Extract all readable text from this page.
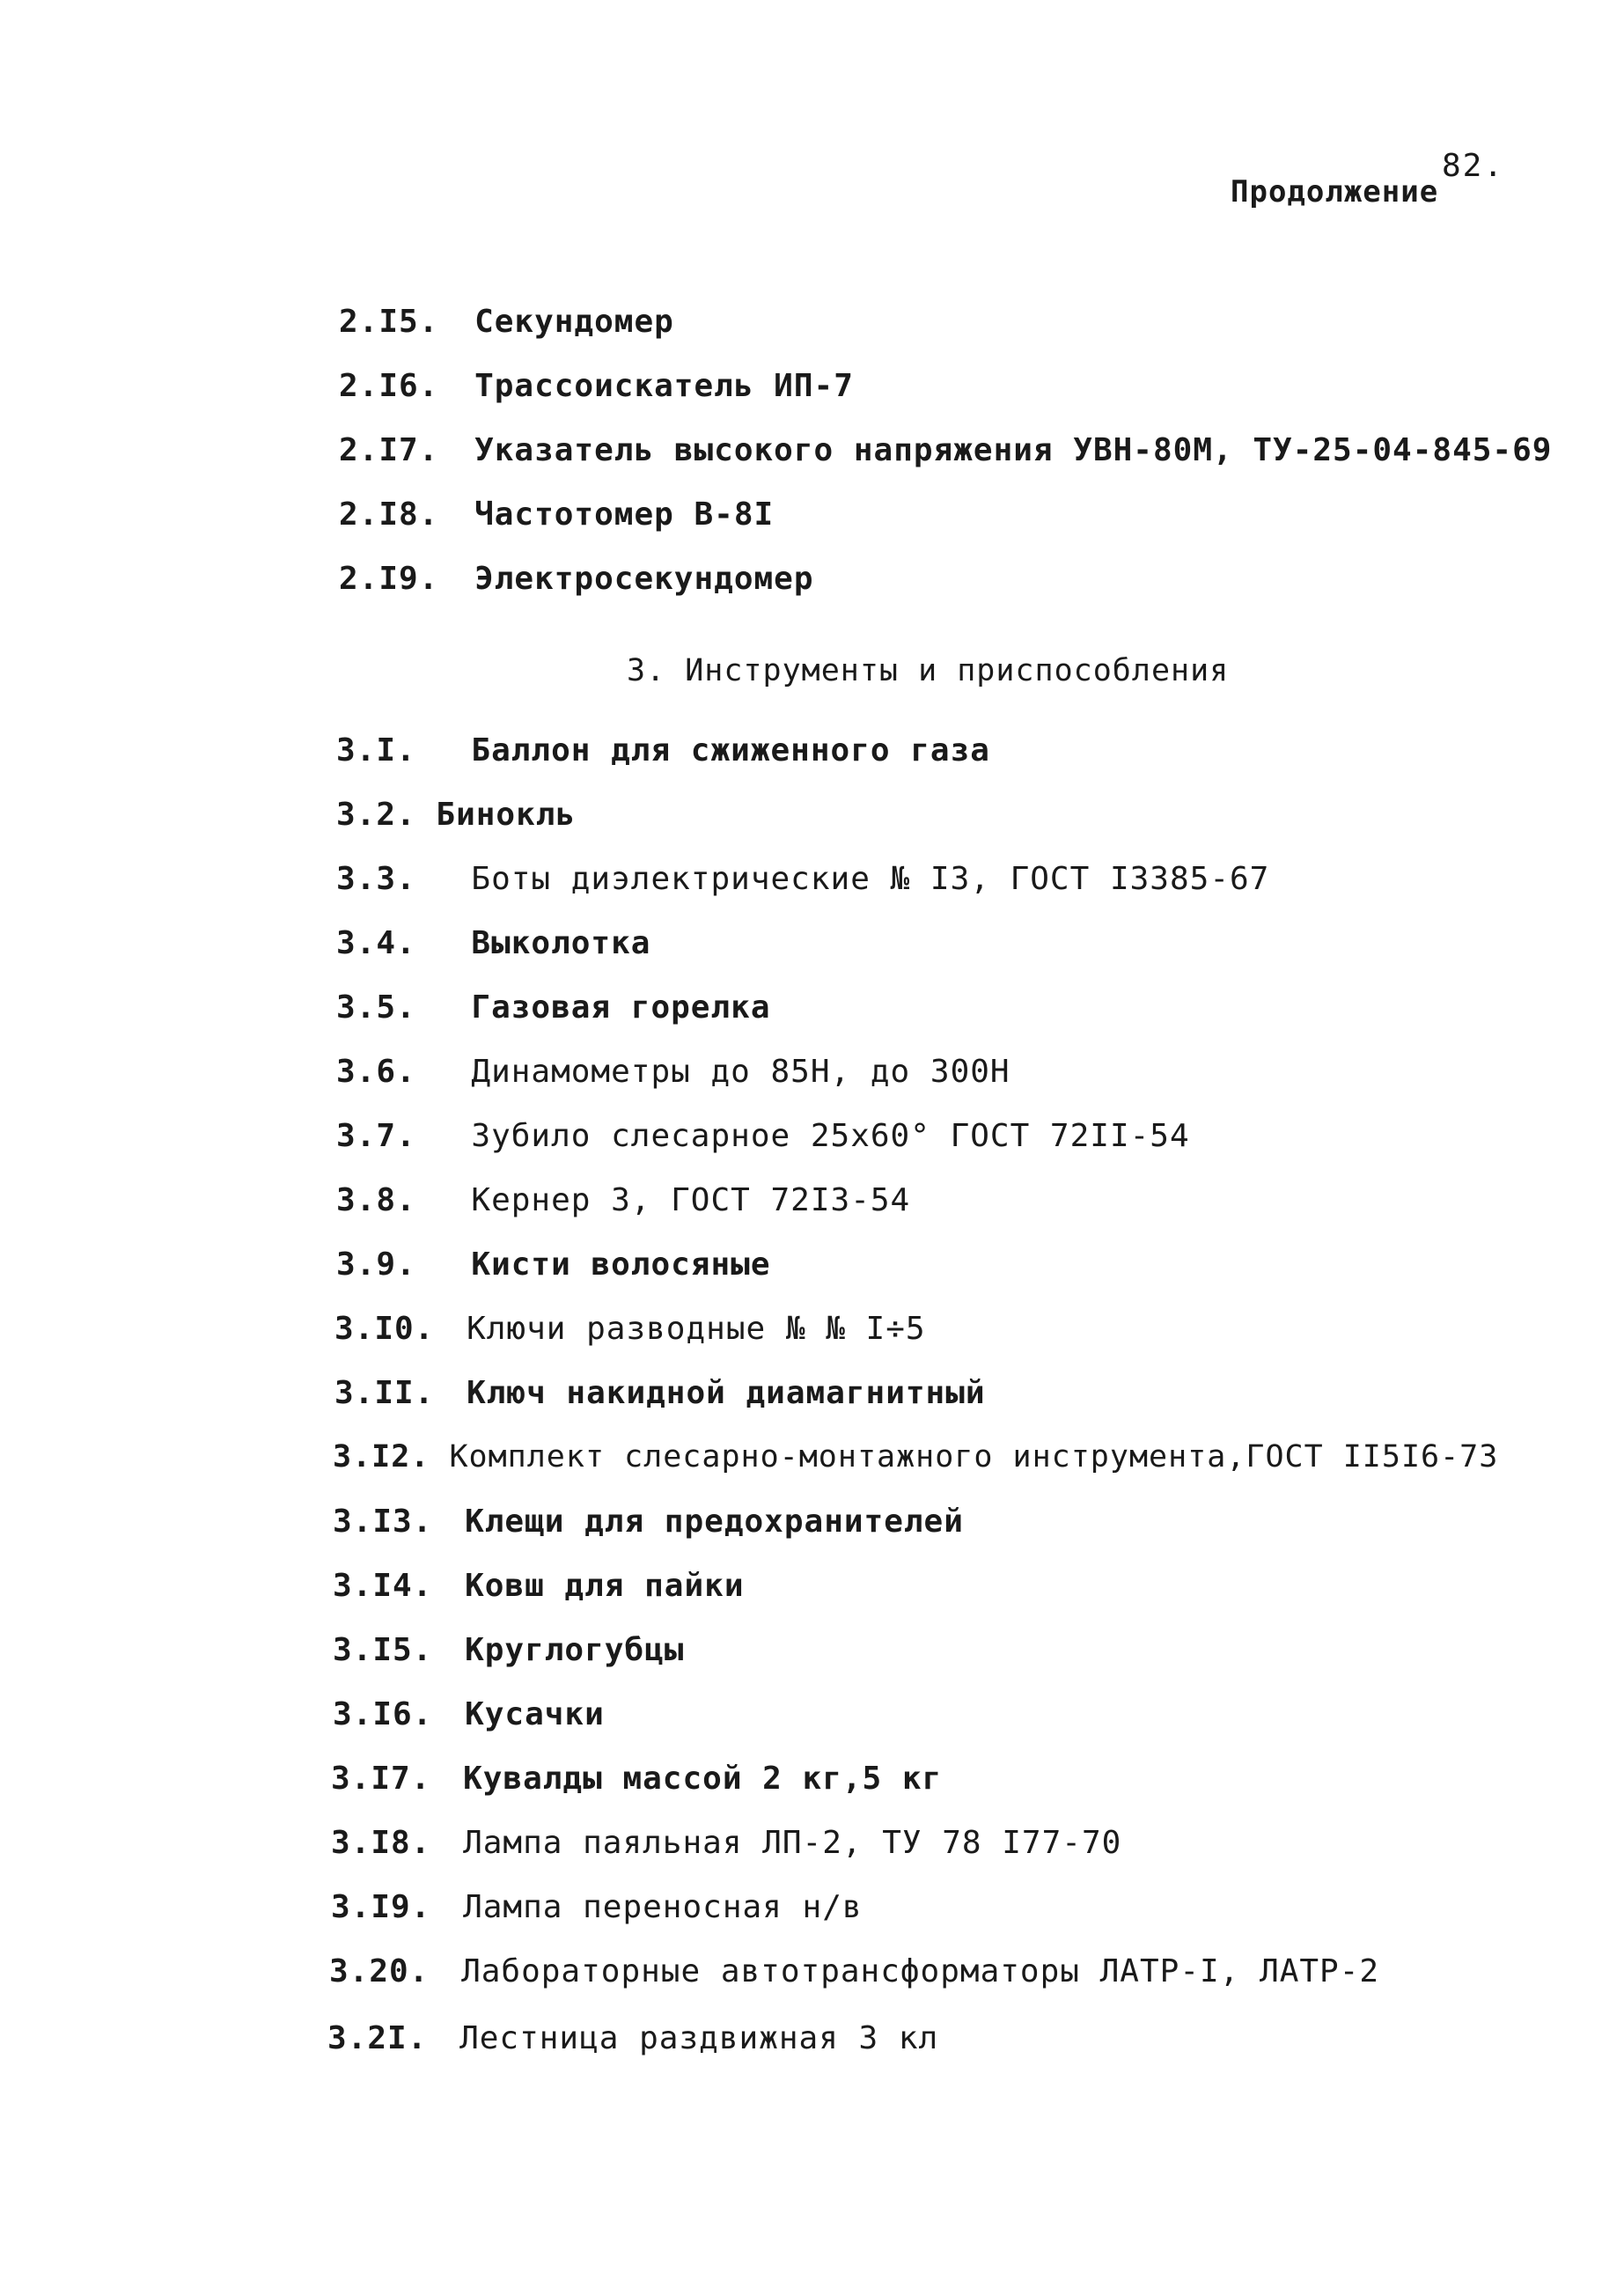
82.
Продолжение
2.I5. Секундомер
2.I6. Трассоискатель ИП-7
2.I7. Указатель высокого напряжения УВН-80М, ТУ-25-04-845-69
2.I8. Частотомер В-8I
2.I9. Электросекундомер
3. Инструменты и приспособления
3.I. Баллон для сжиженного газа
3.2. Бинокль
3.3. Боты диэлектрические № I3, ГОСТ I3385-67
3.4. Выколотка
3.5. Газовая горелка
3.6. Динамометры до 85Н, до 300Н
3.7. Зубило слесарное 25х60° ГОСТ 72II-54
3.8. Кернер 3, ГОСТ 72I3-54
3.9. Кисти волосяные
3.I0. Ключи разводные № № I÷5
3.II. Ключ накидной диамагнитный
3.I2. Комплект слесарно-монтажного инструмента,ГОСТ II5I6-73
3.I3. Клещи для предохранителей
3.I4. Ковш для пайки
3.I5. Круглогубцы
3.I6. Кусачки
3.I7. Кувалды массой 2 кг,5 кг
3.I8. Лампа паяльная ЛП-2, ТУ 78 I77-70
3.I9. Лампа переносная н/в
3.20. Лабораторные автотрансформаторы ЛАТР-I, ЛАТР-2
3.2I. Лестница раздвижная 3 кл
